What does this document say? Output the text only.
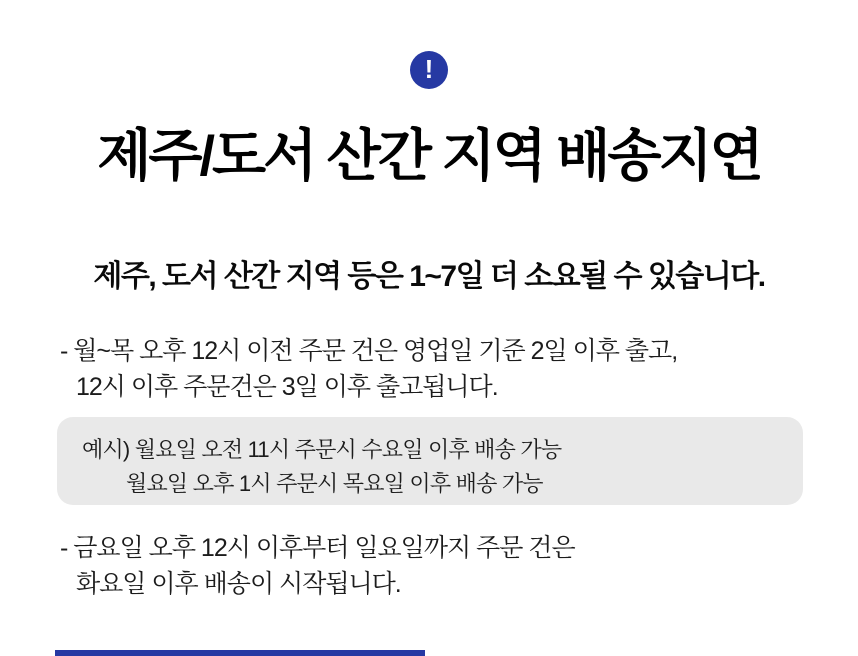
!
제주/도서 산간 지역 배송지연
제주, 도서 산간 지역 등은 1~7일 더 소요될 수 있습니다.
- 월~목 오후 12시 이전 주문 건은 영업일 기준 2일 이후 출고,
12시 이후 주문건은 3일 이후 출고됩니다.
예시) 월요일 오전 11시 주문시 수요일 이후 배송 가능
월요일 오후 1시 주문시 목요일 이후 배송 가능
- 금요일 오후 12시 이후부터 일요일까지 주문 건은
화요일 이후 배송이 시작됩니다.
